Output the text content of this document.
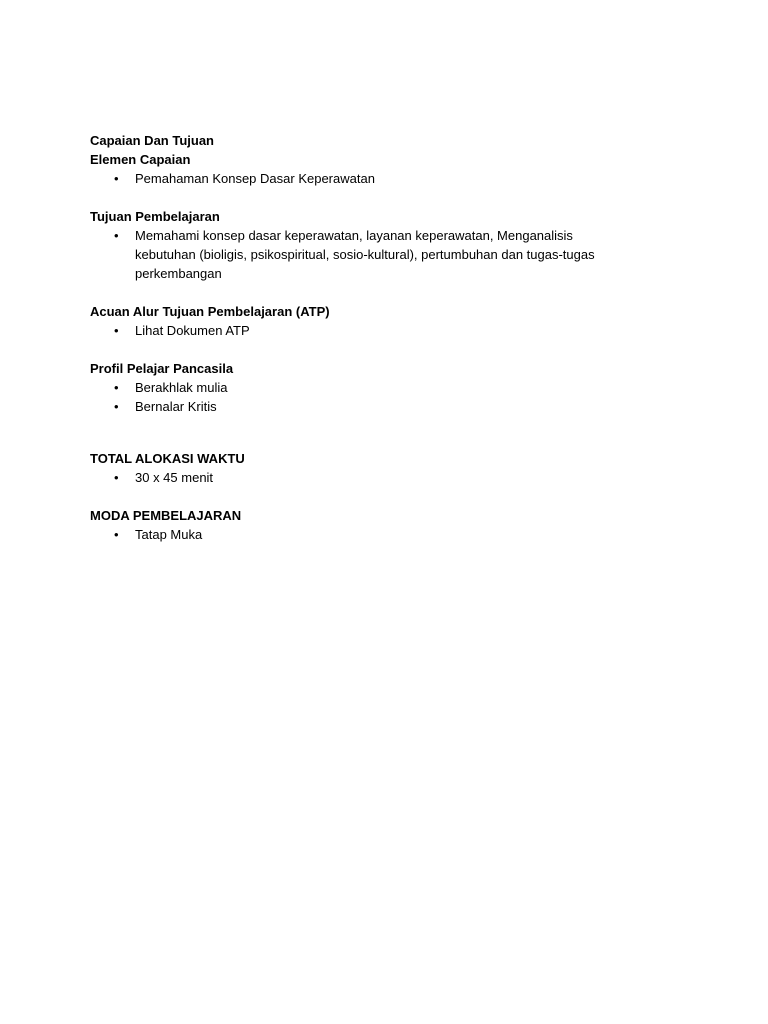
Capaian Dan Tujuan

Elemen Capaian

• Pemahaman Konsep Dasar Keperawatan

Tujuan Pembelajaran

• Memahami konsep dasar keperawatan, layanan keperawatan, Menganalisis kebutuhan (bioligis, psikospiritual, sosio-kultural), pertumbuhan dan tugas-tugas perkembangan

Acuan Alur Tujuan Pembelajaran (ATP)

• Lihat Dokumen ATP

Profil Pelajar Pancasila

• Berakhlak mulia
• Bernalar Kritis

TOTAL ALOKASI WAKTU

• 30 x 45 menit

MODA PEMBELAJARAN

• Tatap Muka
